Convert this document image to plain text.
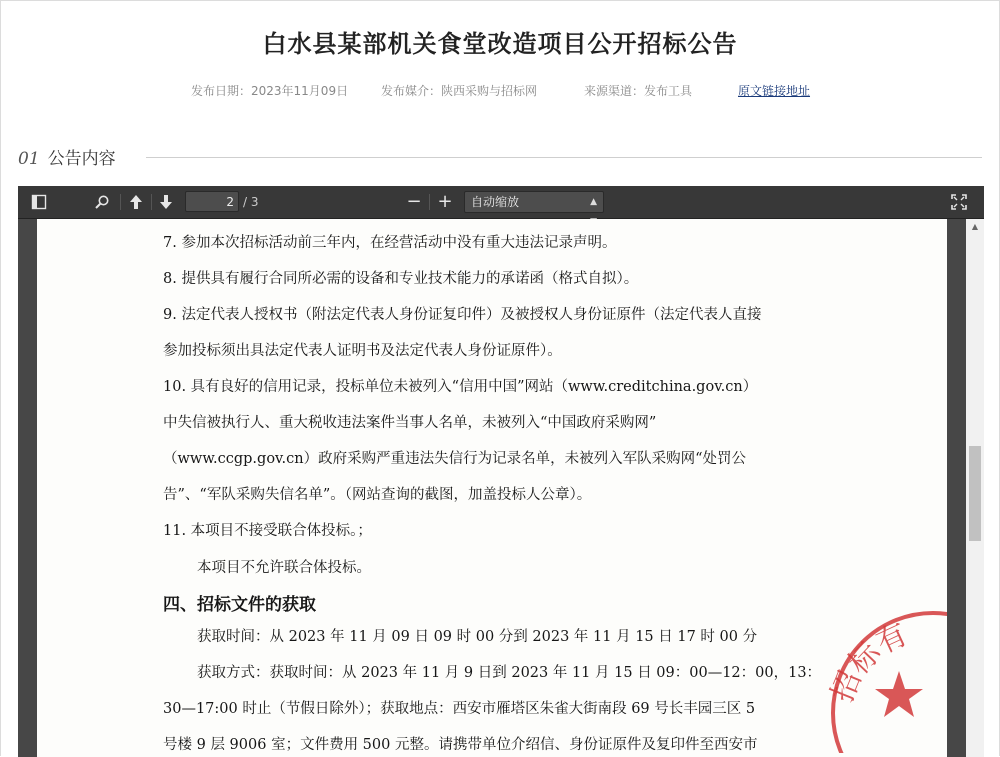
白水县某部机关食堂改造项目公开招标公告
发布日期：2023年11月09日	发布媒介：陕西采购与招标网	来源渠道：发布工具	原文链接地址
01 公告内容
2 / 3	− +	自动缩放	▲

7. 参加本次招标活动前三年内，在经营活动中没有重大违法记录声明。
8. 提供具有履行合同所必需的设备和专业技术能力的承诺函（格式自拟）。
9. 法定代表人授权书（附法定代表人身份证复印件）及被授权人身份证原件（法定代表人直接
参加投标须出具法定代表人证明书及法定代表人身份证原件）。
10. 具有良好的信用记录，投标单位未被列入“信用中国”网站（www.creditchina.gov.cn）
中失信被执行人、重大税收违法案件当事人名单，未被列入“中国政府采购网”
（www.ccgp.gov.cn）政府采购严重违法失信行为记录名单，未被列入军队采购网“处罚公
告”、“军队采购失信名单”。（网站查询的截图，加盖投标人公章）。
11. 本项目不接受联合体投标。；
本项目不允许联合体投标。
四、招标文件的获取
获取时间：从 2023 年 11 月 09 日 09 时 00 分到 2023 年 11 月 15 日 17 时 00 分
获取方式：获取时间：从 2023 年 11 月 9 日到 2023 年 11 月 15 日 09：00—12：00，13：
30—17:00 时止（节假日除外）；获取地点：西安市雁塔区朱雀大街南段 69 号长丰园三区 5
号楼 9 层 9006 室；文件费用 500 元整。请携带单位介绍信、身份证原件及复印件至西安市
招标有
▲
